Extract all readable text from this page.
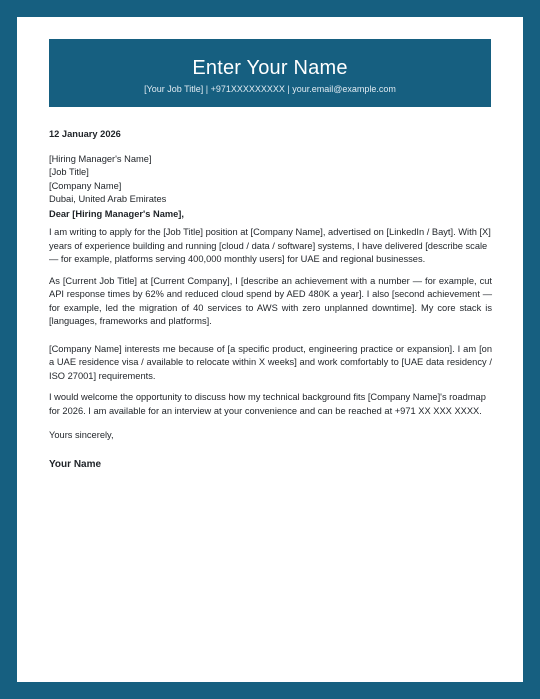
Enter Your Name
[Your Job Title] | +971XXXXXXXXX | your.email@example.com
12 January 2026
[Hiring Manager's Name]
[Job Title]
[Company Name]
Dubai, United Arab Emirates
Dear [Hiring Manager's Name],

I am writing to apply for the [Job Title] position at [Company Name], advertised on [LinkedIn / Bayt]. With [X] years of experience building and running [cloud / data / software] systems, I have delivered [describe scale — for example, platforms serving 400,000 monthly users] for UAE and regional businesses.

As [Current Job Title] at [Current Company], I [describe an achievement with a number — for example, cut API response times by 62% and reduced cloud spend by AED 480K a year]. I also [second achievement — for example, led the migration of 40 services to AWS with zero unplanned downtime]. My core stack is [languages, frameworks and platforms].

[Company Name] interests me because of [a specific product, engineering practice or expansion]. I am [on a UAE residence visa / available to relocate within X weeks] and work comfortably to [UAE data residency / ISO 27001] requirements.

I would welcome the opportunity to discuss how my technical background fits [Company Name]'s roadmap for 2026. I am available for an interview at your convenience and can be reached at +971 XX XXX XXXX.

Yours sincerely,
Your Name
